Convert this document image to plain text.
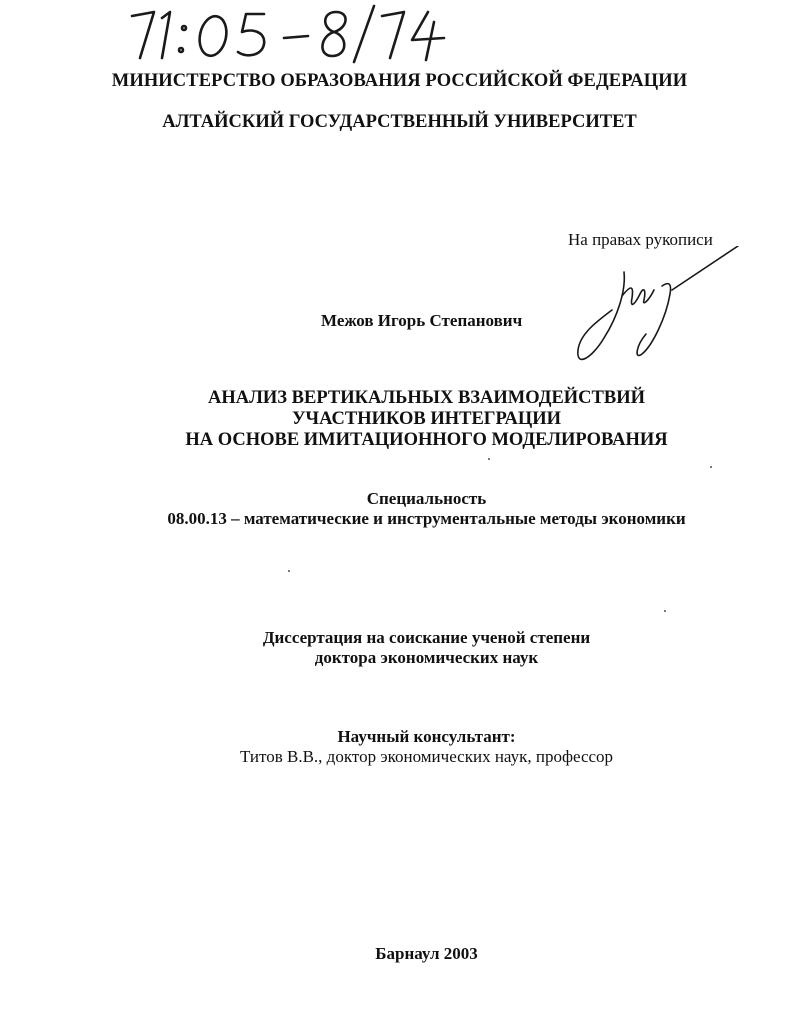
МИНИСТЕРСТВО ОБРАЗОВАНИЯ РОССИЙСКОЙ ФЕДЕРАЦИИ

АЛТАЙСКИЙ ГОСУДАРСТВЕННЫЙ УНИВЕРСИТЕТ

На правах рукописи

Межов Игорь Степанович

АНАЛИЗ ВЕРТИКАЛЬНЫХ ВЗАИМОДЕЙСТВИЙ
УЧАСТНИКОВ ИНТЕГРАЦИИ
НА ОСНОВЕ ИМИТАЦИОННОГО МОДЕЛИРОВАНИЯ
Специальность
08.00.13 – математические и инструментальные методы экономики
Диссертация на соискание ученой степени
доктора экономических наук
Научный консультант:
Титов В.В., доктор экономических наук, профессор

Барнаул 2003
